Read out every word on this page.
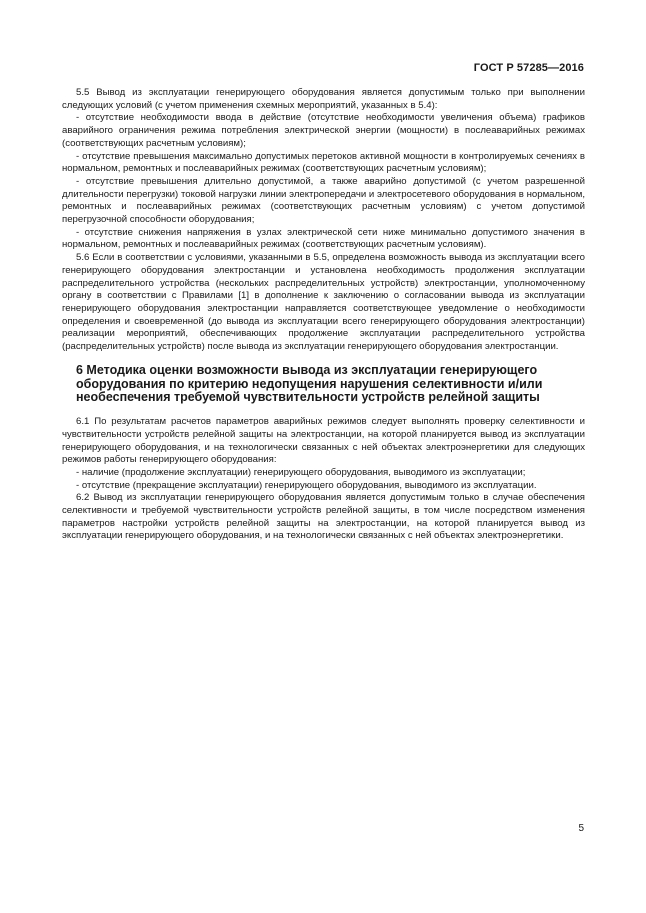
ГОСТ Р 57285—2016

5.5 Вывод из эксплуатации генерирующего оборудования является допустимым только при выполнении следующих условий (с учетом применения схемных мероприятий, указанных в 5.4):

- отсутствие необходимости ввода в действие (отсутствие необходимости увеличения объема) графиков аварийного ограничения режима потребления электрической энергии (мощности) в послеаварийных режимах (соответствующих расчетным условиям);

- отсутствие превышения максимально допустимых перетоков активной мощности в контролируемых сечениях в нормальном, ремонтных и послеаварийных режимах (соответствующих расчетным условиям);

- отсутствие превышения длительно допустимой, а также аварийно допустимой (с учетом разрешенной длительности перегрузки) токовой нагрузки линии электропередачи и электросетевого оборудования в нормальном, ремонтных и послеаварийных режимах (соответствующих расчетным условиям) с учетом допустимой перегрузочной способности оборудования;

- отсутствие снижения напряжения в узлах электрической сети ниже минимально допустимого значения в нормальном, ремонтных и послеаварийных режимах (соответствующих расчетным условиям).

5.6 Если в соответствии с условиями, указанными в 5.5, определена возможность вывода из эксплуатации всего генерирующего оборудования электростанции и установлена необходимость продолжения эксплуатации распределительного устройства (нескольких распределительных устройств) электростанции, уполномоченному органу в соответствии с Правилами [1] в дополнение к заключению о согласовании вывода из эксплуатации генерирующего оборудования электростанции направляется соответствующее уведомление о необходимости определения и своевременной (до вывода из эксплуатации всего генерирующего оборудования электростанции) реализации мероприятий, обеспечивающих продолжение эксплуатации распределительного устройства (распределительных устройств) после вывода из эксплуатации генерирующего оборудования электростанции.

6 Методика оценки возможности вывода из эксплуатации генерирующего оборудования по критерию недопущения нарушения селективности и/или необеспечения требуемой чувствительности устройств релейной защиты

6.1 По результатам расчетов параметров аварийных режимов следует выполнять проверку селективности и чувствительности устройств релейной защиты на электростанции, на которой планируется вывод из эксплуатации генерирующего оборудования, и на технологически связанных с ней объектах электроэнергетики для следующих режимов работы генерирующего оборудования:

- наличие (продолжение эксплуатации) генерирующего оборудования, выводимого из эксплуатации;

- отсутствие (прекращение эксплуатации) генерирующего оборудования, выводимого из эксплуатации.

6.2 Вывод из эксплуатации генерирующего оборудования является допустимым только в случае обеспечения селективности и требуемой чувствительности устройств релейной защиты, в том числе посредством изменения параметров настройки устройств релейной защиты на электростанции, на которой планируется вывод из эксплуатации генерирующего оборудования, и на технологически связанных с ней объектах электроэнергетики.

5
